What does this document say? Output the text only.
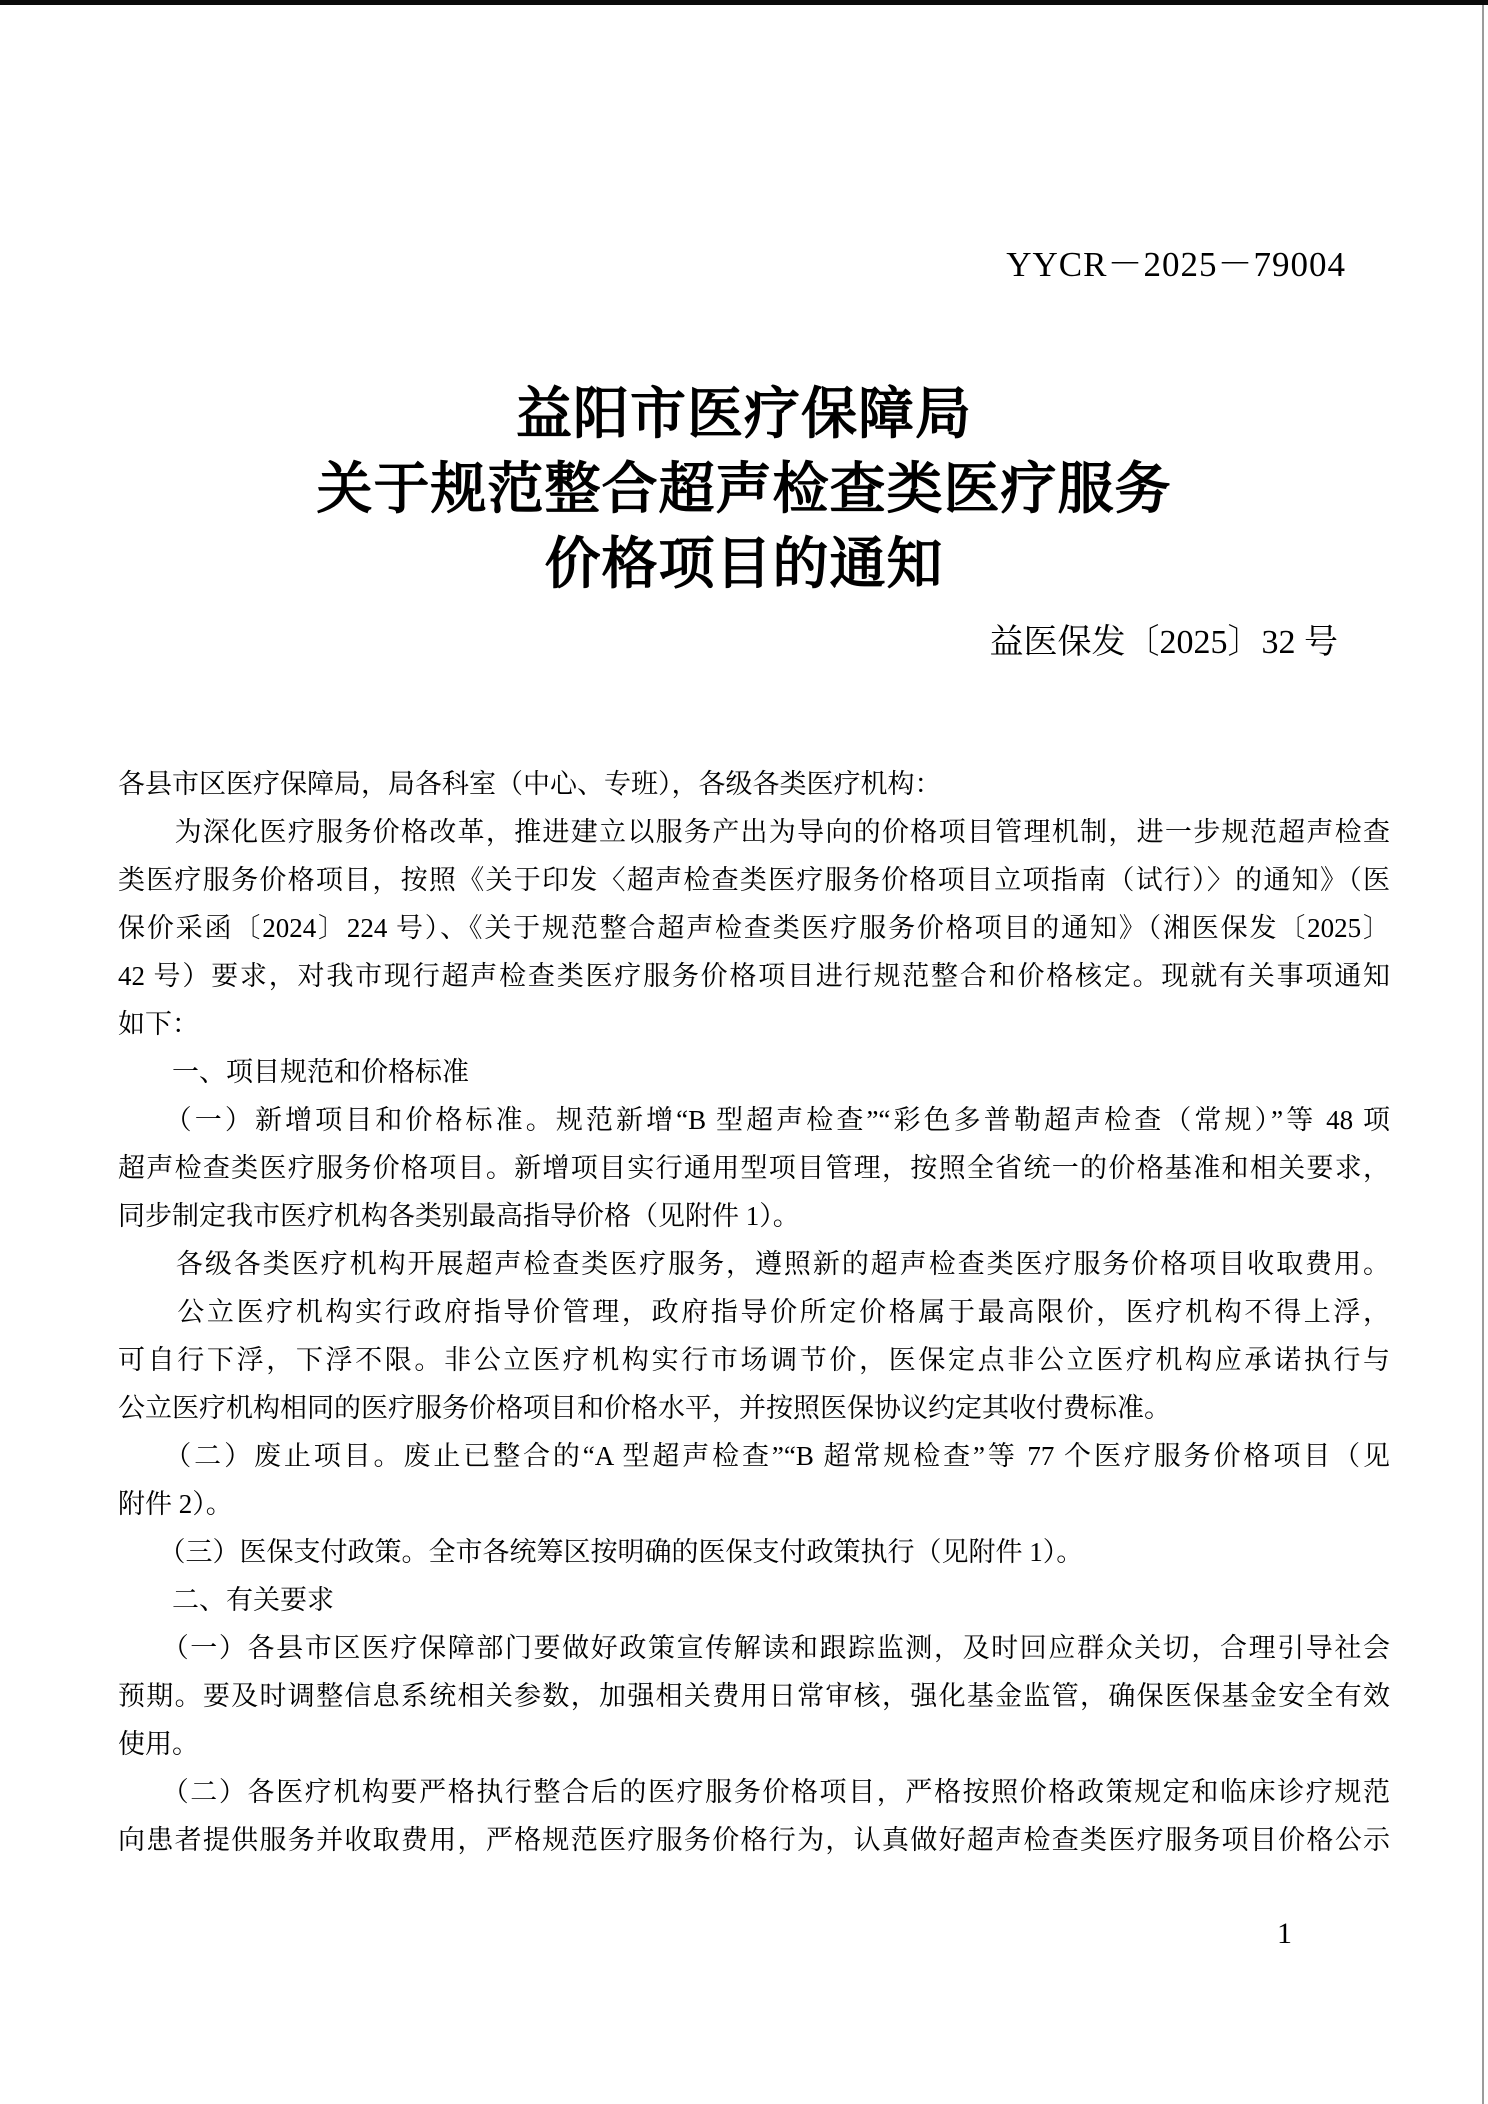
YYCR－2025－79004
益阳市医疗保障局
关于规范整合超声检查类医疗服务
价格项目的通知
益医保发〔2025〕32 号
各县市区医疗保障局，局各科室（中心、专班），各级各类医疗机构：
　　为深化医疗服务价格改革，推进建立以服务产出为导向的价格项目管理机制，进一步规范超声检查
类医疗服务价格项目，按照《关于印发〈超声检查类医疗服务价格项目立项指南（试行）〉的通知》（医
保价采函〔2024〕224 号）、《关于规范整合超声检查类医疗服务价格项目的通知》（湘医保发〔2025〕
42 号）要求，对我市现行超声检查类医疗服务价格项目进行规范整合和价格核定。现就有关事项通知
如下：
　　一、项目规范和价格标准
　　（一）新增项目和价格标准。规范新增“B 型超声检查”“彩色多普勒超声检查（常规）”等 48 项
超声检查类医疗服务价格项目。新增项目实行通用型项目管理，按照全省统一的价格基准和相关要求，
同步制定我市医疗机构各类别最高指导价格（见附件 1）。
　　各级各类医疗机构开展超声检查类医疗服务，遵照新的超声检查类医疗服务价格项目收取费用。
　　公立医疗机构实行政府指导价管理，政府指导价所定价格属于最高限价，医疗机构不得上浮，
可自行下浮，下浮不限。非公立医疗机构实行市场调节价，医保定点非公立医疗机构应承诺执行与
公立医疗机构相同的医疗服务价格项目和价格水平，并按照医保协议约定其收付费标准。
　　（二）废止项目。废止已整合的“A 型超声检查”“B 超常规检查”等 77 个医疗服务价格项目（见
附件 2）。
　　（三）医保支付政策。全市各统筹区按明确的医保支付政策执行（见附件 1）。
　　二、有关要求
　　（一）各县市区医疗保障部门要做好政策宣传解读和跟踪监测，及时回应群众关切，合理引导社会
预期。要及时调整信息系统相关参数，加强相关费用日常审核，强化基金监管，确保医保基金安全有效
使用。
　　（二）各医疗机构要严格执行整合后的医疗服务价格项目，严格按照价格政策规定和临床诊疗规范
向患者提供服务并收取费用，严格规范医疗服务价格行为，认真做好超声检查类医疗服务项目价格公示
1
